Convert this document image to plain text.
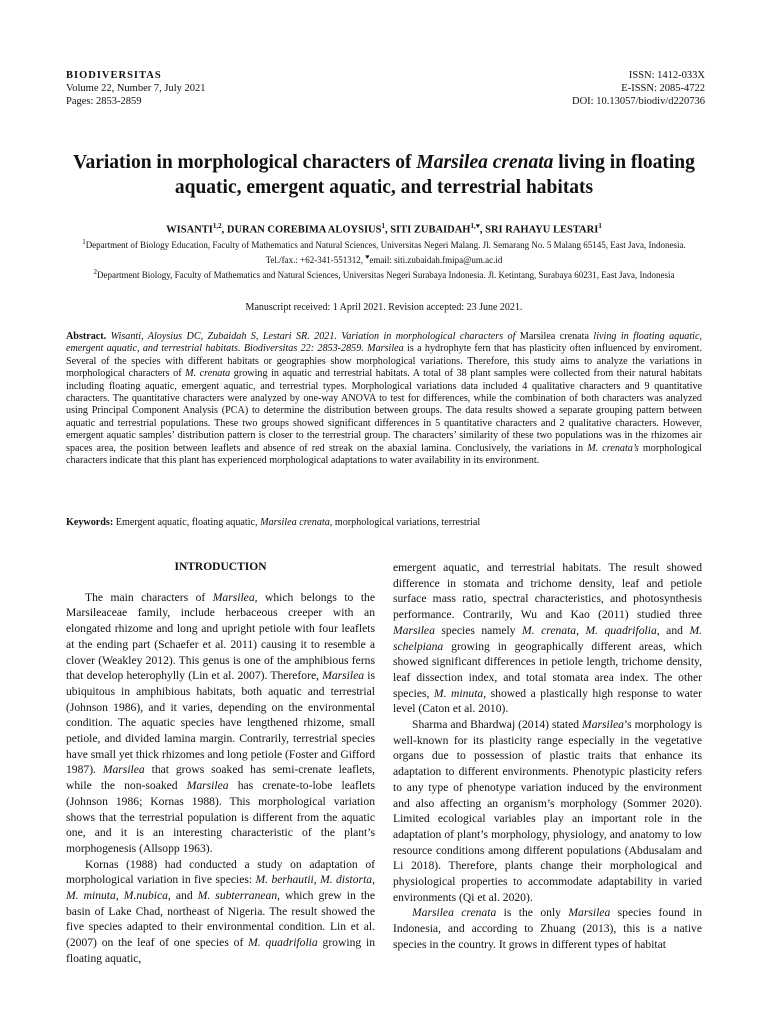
BIODIVERSITAS
Volume 22, Number 7, July 2021
Pages: 2853-2859
ISSN: 1412-033X
E-ISSN: 2085-4722
DOI: 10.13057/biodiv/d220736
Variation in morphological characters of Marsilea crenata living in floating aquatic, emergent aquatic, and terrestrial habitats
WISANTI$^{1,2}$, DURAN COREBIMA ALOYSIUS$^1$, SITI $ZUBAIDAH^{1,♥}$, SRI RAHAYU LESTARI$^1$
$^1$Department of Biology Education, Faculty of Mathematics and Natural Sciences, Universitas Negeri Malang. Jl. Semarang No. 5 Malang 65145, East Java, Indonesia. Tel./fax.: +62-341-551312, ♥email: siti.zubaidah.fmipa@um.ac.id
$^2$Department Biology, Faculty of Mathematics and Natural Sciences, Universitas Negeri Surabaya Indonesia. Jl. Ketintang, Surabaya 60231, East Java, Indonesia
Manuscript received: 1 April 2021. Revision accepted: 23 June 2021.
Abstract. Wisanti, Aloysius DC, Zubaidah S, Lestari SR. 2021. Variation in morphological characters of Marsilea crenata living in floating aquatic, emergent aquatic, and terrestrial habitats. Biodiversitas 22: 2853-2859. Marsilea is a hydrophyte fern that has plasticity often influenced by enviroment. Several of the species with different habitats or geographies show morphological variations. Therefore, this study aims to analyze the variations in morphological characters of M. crenata growing in aquatic and terrestrial habitats. A total of 38 plant samples were collected from their natural habitats including floating aquatic, emergent aquatic, and terrestrial types. Morphological variations data included 4 qualitative characters and 9 quantitative characters. The quantitative characters were analyzed by one-way ANOVA to test for differences, while the combination of both characters was analyzed using Principal Component Analysis (PCA) to determine the distribution between groups. The data results showed a separate grouping pattern between aquatic and terrestrial populations. These two groups showed significant differences in 5 quantitative characters and 2 qualitative characters. However, emergent aquatic samples’ distribution pattern is closer to the terrestrial group. The characters’ similarity of these two populations was in the rhizomes air spaces area, the position between leaflets and absence of red streak on the abaxial lamina. Conclusively, the variations in M. crenata’s morphological characters indicate that this plant has experienced morphological adaptations to water availability in its environment.
Keywords: Emergent aquatic, floating aquatic, Marsilea crenata, morphological variations, terrestrial
INTRODUCTION

The main characters of Marsilea, which belongs to the Marsileaceae family, include herbaceous creeper with an elongated rhizome and long and upright petiole with four leaflets at the ending part (Schaefer et al. 2011) causing it to resemble a clover (Weakley 2012). This genus is one of the amphibious ferns that develop heterophylly (Lin et al. 2007). Therefore, Marsilea is ubiquitous in amphibious habitats, both aquatic and terrestrial (Johnson 1986), and it varies, depending on the environmental condition. The aquatic species have lengthened rhizome, small petiole, and divided lamina margin. Contrarily, terrestrial species have small yet thick rhizomes and long petiole (Foster and Gifford 1987). Marsilea that grows soaked has semi-crenate leaflets, while the non-soaked Marsilea has crenate-to-lobe leaflets (Johnson 1986; Kornas 1988). This morphological variation shows that the terrestrial population is different from the aquatic one, and it is an interesting characteristic of the plant’s morphogenesis (Allsopp 1963).

Kornas (1988) had conducted a study on adaptation of morphological variation in five species: M. berhautii, M. distorta, M. minuta, M.nubica, and M. subterranean, which grew in the basin of Lake Chad, northeast of Nigeria. The result showed the five species adapted to their environmental condition. Lin et al. (2007) on the leaf of one species of M. quadrifolia growing in floating aquatic,

emergent aquatic, and terrestrial habitats. The result showed difference in stomata and trichome density, leaf and petiole surface mass ratio, spectral characteristics, and photosynthesis performance. Contrarily, Wu and Kao (2011) studied three Marsilea species namely M. crenata, M. quadrifolia, and M. schelpiana growing in geographically different areas, which showed significant differences in petiole length, trichome density, leaf dissection index, and total stomata area index. The other species, M. minuta, showed a plastically high response to water level (Caton et al. 2010).

Sharma and Bhardwaj (2014) stated Marsilea’s morphology is well-known for its plasticity range especially in the vegetative organs due to possession of plastic traits that enhance its adaptation to different environments. Phenotypic plasticity refers to any type of phenotype variation induced by the environment and also affecting an organism’s morphology (Sommer 2020). Limited ecological variables play an important role in the adaptation of plant’s morphology, physiology, and anatomy to low resource conditions among different populations (Abdusalam and Li 2018). Therefore, plants change their morphological and physiological properties to accommodate adaptability in varied environments (Qi et al. 2020).

Marsilea crenata is the only Marsilea species found in Indonesia, and according to Zhuang (2013), this is a native species in the country. It grows in different types of habitat
